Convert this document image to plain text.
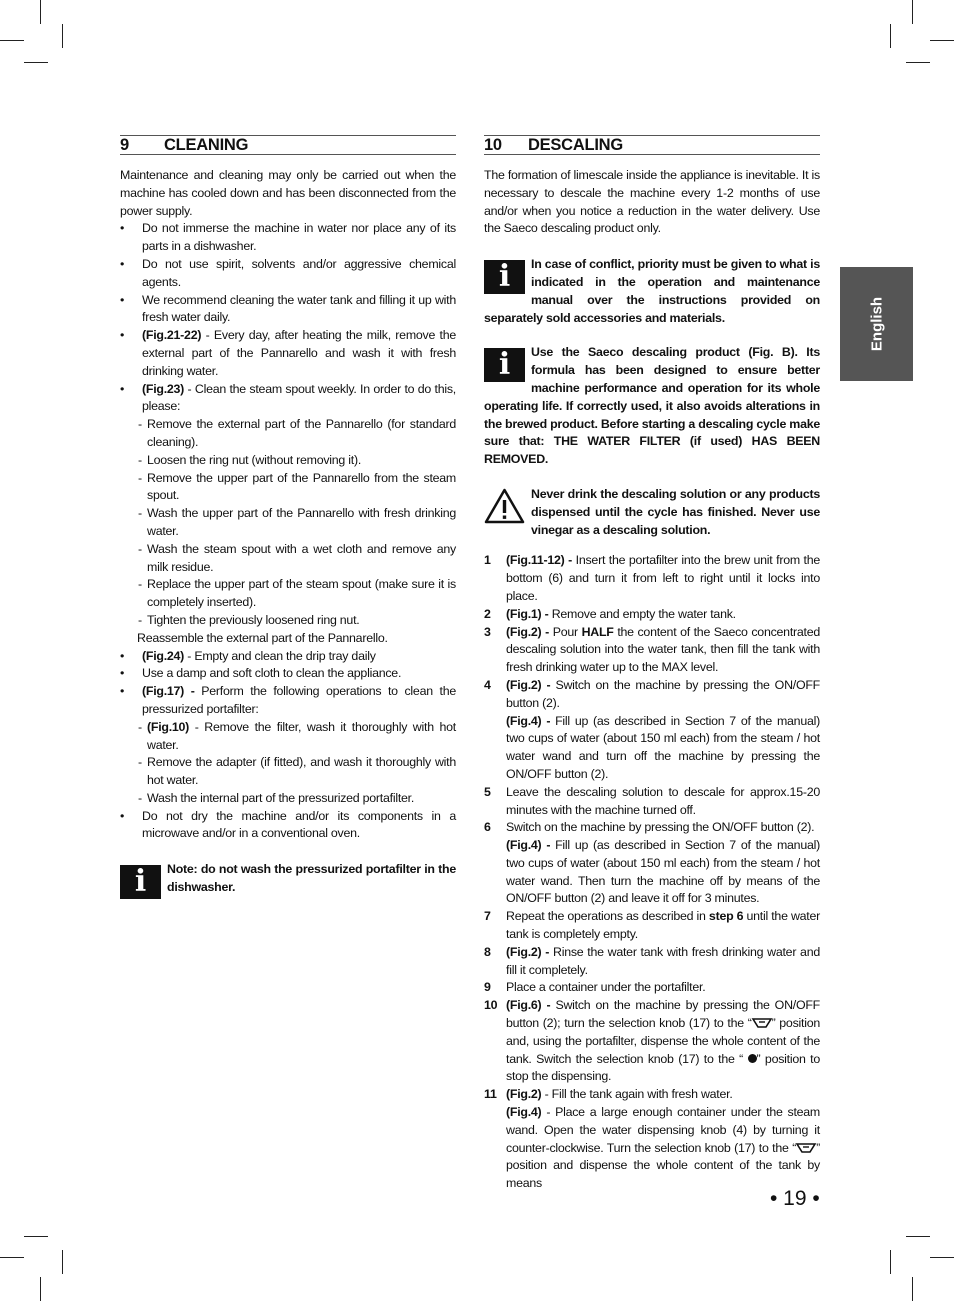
English
9 CLEANING

Maintenance and cleaning may only be carried out when the machine has cooled down and has been disconnected from the power supply.

• Do not immerse the machine in water nor place any of its parts in a dishwasher.
• Do not use spirit, solvents and/or aggressive chemical agents.
• We recommend cleaning the water tank and filling it up with fresh water daily.
• (Fig.21-22) - Every day, after heating the milk, remove the external part of the Pannarello and wash it with fresh drinking water.
• (Fig.23) - Clean the steam spout weekly. In order to do this, please:
- Remove the external part of the Pannarello (for standard cleaning).
- Loosen the ring nut (without removing it).
- Remove the upper part of the Pannarello from the steam spout.
- Wash the upper part of the Pannarello with fresh drinking water.
- Wash the steam spout with a wet cloth and remove any milk residue.
- Replace the upper part of the steam spout (make sure it is completely inserted).
- Tighten the previously loosened ring nut.
Reassemble the external part of the Pannarello.
• (Fig.24) - Empty and clean the drip tray daily
• Use a damp and soft cloth to clean the appliance.
• (Fig.17) - Perform the following operations to clean the pressurized portafilter:
- (Fig.10) - Remove the filter, wash it thoroughly with hot water.
- Remove the adapter (if fitted), and wash it thoroughly with hot water.
- Wash the internal part of the pressurized portafilter.
• Do not dry the machine and/or its components in a microwave and/or in a conventional oven.
i	Note: do not wash the pressurized portafilter in the dishwasher.
10 DESCALING

The formation of limescale inside the appliance is inevitable. It is necessary to descale the machine every 1-2 months of use and/or when you notice a reduction in the water delivery. Use the Saeco descaling product only.

i	In case of conflict, priority must be given to what is indicated in the operation and maintenance manual over the instructions provided on separately sold accessories and materials.
i	Use the Saeco descaling product (Fig. B). Its formula has been designed to ensure better machine performance and operation for its whole operating life. If correctly used, it also avoids alterations in the brewed product. Before starting a descaling cycle make sure that: THE WATER FILTER (if used) HAS BEEN REMOVED.
Never drink the descaling solution or any products dispensed until the cycle has finished. Never use vinegar as a descaling solution.
1 (Fig.11-12) - Insert the portafilter into the brew unit from the bottom (6) and turn it from left to right until it locks into place.
2 (Fig.1) - Remove and empty the water tank.
3 (Fig.2) - Pour HALF the content of the Saeco concentrated descaling solution into the water tank, then fill the tank with fresh drinking water up to the MAX level.
4 (Fig.2) - Switch on the machine by pressing the ON/OFF button (2).
(Fig.4) - Fill up (as described in Section 7 of the manual) two cups of water (about 150 ml each) from the steam / hot water wand and turn off the machine by pressing the ON/OFF button (2).
5 Leave the descaling solution to descale for approx.15-20 minutes with the machine turned off.
6 Switch on the machine by pressing the ON/OFF button (2).
(Fig.4) - Fill up (as described in Section 7 of the manual) two cups of water (about 150 ml each) from the steam / hot water wand. Then turn the machine off by means of the ON/OFF button (2) and leave it off for 3 minutes.
7 Repeat the operations as described in step 6 until the water tank is completely empty.
8 (Fig.2) - Rinse the water tank with fresh drinking water and fill it completely.
9 Place a container under the portafilter.
10 (Fig.6) - Switch on the machine by pressing the ON/OFF button (2); turn the selection knob (17) to the “ ” position and, using the portafilter, dispense the whole content of the tank. Switch the selection knob (17) to the “ ” position to stop the dispensing.
11 (Fig.2) - Fill the tank again with fresh water.
(Fig.4) - Place a large enough container under the steam wand. Open the water dispensing knob (4) by turning it counter-clockwise. Turn the selection knob (17) to the “ ” position and dispense the whole content of the tank by means
• 19 •
